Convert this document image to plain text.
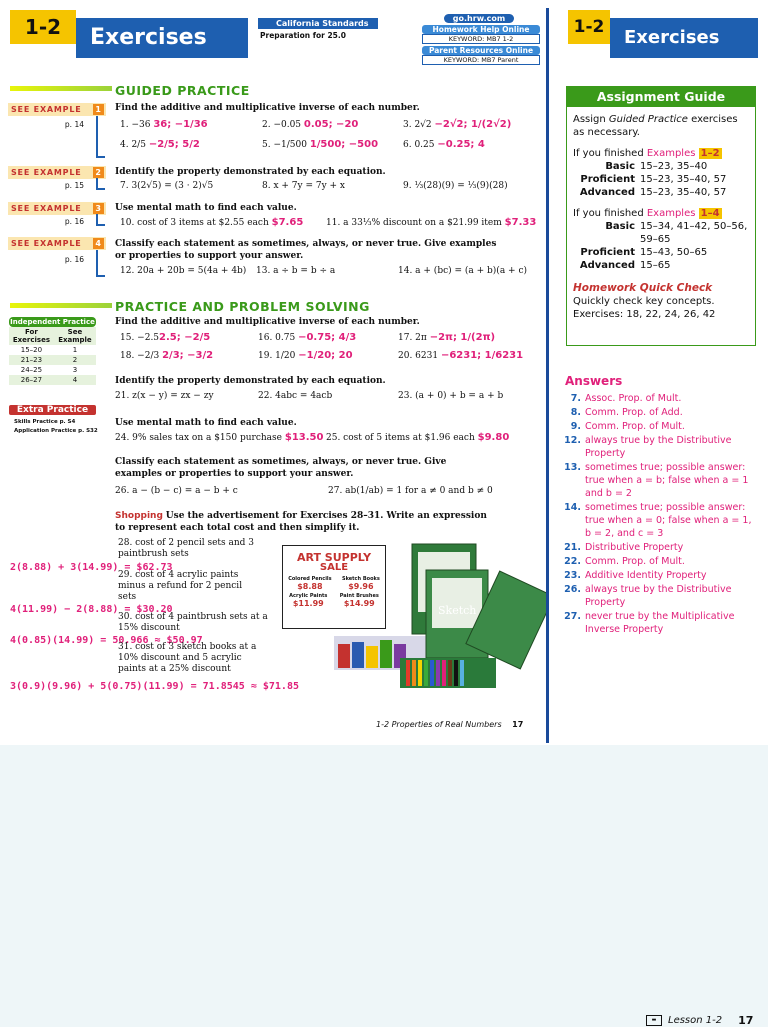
1-2	Exercises
California Standards
Preparation for 25.0
go.hrw.com
Homework Help Online
KEYWORD: MB7 1-2
Parent Resources Online
KEYWORD: MB7 Parent
GUIDED PRACTICE
SEE EXAMPLE 1
p. 14
SEE EXAMPLE 2
p. 15
SEE EXAMPLE 3
p. 16
SEE EXAMPLE 4
p. 16
Find the additive and multiplicative inverse of each number.
1. −36 36; −1/36	2. −0.05 0.05; −20	3. 2√2 −2√2; 1/(2√2)
4. 2/5 −2/5; 5/2	5. −1/500 1/500; −500	6. 0.25 −0.25; 4
Identify the property demonstrated by each equation.
7. 3(2√5) = (3 · 2)√5	8. x + 7y = 7y + x	9. ⅓(28)(9) = ⅓(9)(28)
Use mental math to find each value.
10. cost of 3 items at $2.55 each $7.65	11. a 33⅓% discount on a $21.99 item $7.33
Classify each statement as sometimes, always, or never true. Give examples or properties to support your answer.
12. 20a + 20b = 5(4a + 4b) 13. a ÷ b = b ÷ a	14. a + (bc) = (a + b)(a + c)
PRACTICE AND PROBLEM SOLVING
Independent Practice
For Exercises	See Example
15–20	1
21–23	2
24–25	3
26–27	4
Extra Practice
Skills Practice p. S4
Application Practice p. S32
Find the additive and multiplicative inverse of each number.
15. −2.52.5; −2/5	16. 0.75 −0.75; 4/3	17. 2π −2π; 1/(2π)
18. −2/3 2/3; −3/2	19. 1/20 −1/20; 20	20. 6231 −6231; 1/6231
Identify the property demonstrated by each equation.
21. z(x − y) = zx − zy	22. 4abc = 4acb	23. (a + 0) + b = a + b
Use mental math to find each value.
24. 9% sales tax on a $150 purchase $13.50 25. cost of 5 items at $1.96 each $9.80
Classify each statement as sometimes, always, or never true. Give examples or properties to support your answer.
26. a − (b − c) = a − b + c	27. ab(1/ab) = 1 for a ≠ 0 and b ≠ 0
Shopping Use the advertisement for Exercises 28–31. Write an expression to represent each total cost and then simplify it.
28. cost of 2 pencil sets and 3 paintbrush sets
2(8.88) + 3(14.99) = $62.73
29. cost of 4 acrylic paints minus a refund for 2 pencil sets
4(11.99) − 2(8.88) = $30.20
30. cost of 4 paintbrush sets at a 15% discount
4(0.85)(14.99) = 50.966 ≈ $50.97
31. cost of 3 sketch books at a 10% discount and 5 acrylic paints at a 25% discount
3(0.9)(9.96) + 5(0.75)(11.99) = 71.8545 ≈ $71.85
ART SUPPLY
SALE
Colored Pencils
$8.88
Sketch Books
$9.96
Acrylic Paints
$11.99
Paint Brushes
$14.99
Sketch
1-2 Properties of Real Numbers 17
1-2	Exercises
Assignment Guide
Assign Guided Practice exercises as necessary.
If you finished Examples 1–2
Basic 15–23, 35–40
Proficient 15–23, 35–40, 57
Advanced 15–23, 35–40, 57
If you finished Examples 1–4
Basic 15–34, 41–42, 50–56, 59–65
Proficient 15–43, 50–65
Advanced 15–65
Homework Quick Check
Quickly check key concepts.
Exercises: 18, 22, 24, 26, 42
Answers
7. Assoc. Prop. of Mult.
8. Comm. Prop. of Add.
9. Comm. Prop. of Mult.
12. always true by the Distributive Property
13. sometimes true; possible answer: true when a = b; false when a = 1 and b = 2
14. sometimes true; possible answer: true when a = 0; false when a = 1, b = 2, and c = 3
21. Distributive Property
22. Comm. Prop. of Mult.
23. Additive Identity Property
26. always true by the Distributive Property
27. never true by the Multiplicative Inverse Property
▬	Lesson 1-2 17
